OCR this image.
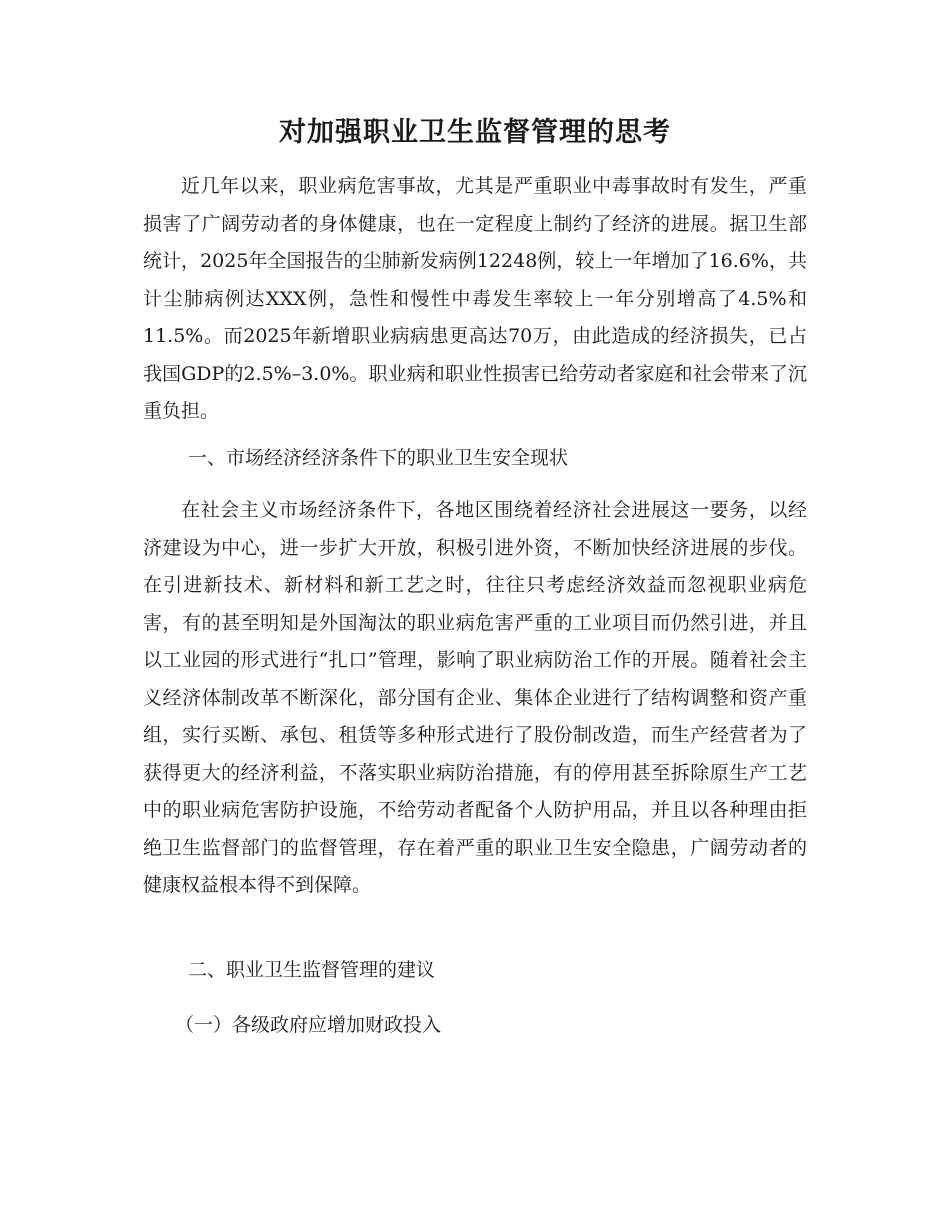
对加强职业卫生监督管理的思考

近几年以来，职业病危害事故，尤其是严重职业中毒事故时有发生，严重损害了广阔劳动者的身体健康，也在一定程度上制约了经济的进展。据卫生部统计，2025年全国报告的尘肺新发病例12248例，较上一年增加了16.6%，共计尘肺病例达XXX例，急性和慢性中毒发生率较上一年分别增高了4.5%和11.5%。而2025年新增职业病病患更高达70万，由此造成的经济损失，已占我国GDP的2.5%–3.0%。职业病和职业性损害已给劳动者家庭和社会带来了沉重负担。

一、市场经济经济条件下的职业卫生安全现状

在社会主义市场经济条件下，各地区围绕着经济社会进展这一要务，以经济建设为中心，进一步扩大开放，积极引进外资，不断加快经济进展的步伐。在引进新技术、新材料和新工艺之时，往往只考虑经济效益而忽视职业病危害，有的甚至明知是外国淘汰的职业病危害严重的工业项目而仍然引进，并且以工业园的形式进行“扎口”管理，影响了职业病防治工作的开展。随着社会主义经济体制改革不断深化，部分国有企业、集体企业进行了结构调整和资产重组，实行买断、承包、租赁等多种形式进行了股份制改造，而生产经营者为了获得更大的经济利益，不落实职业病防治措施，有的停用甚至拆除原生产工艺中的职业病危害防护设施，不给劳动者配备个人防护用品，并且以各种理由拒绝卫生监督部门的监督管理，存在着严重的职业卫生安全隐患，广阔劳动者的健康权益根本得不到保障。

二、职业卫生监督管理的建议

（一）各级政府应增加财政投入
